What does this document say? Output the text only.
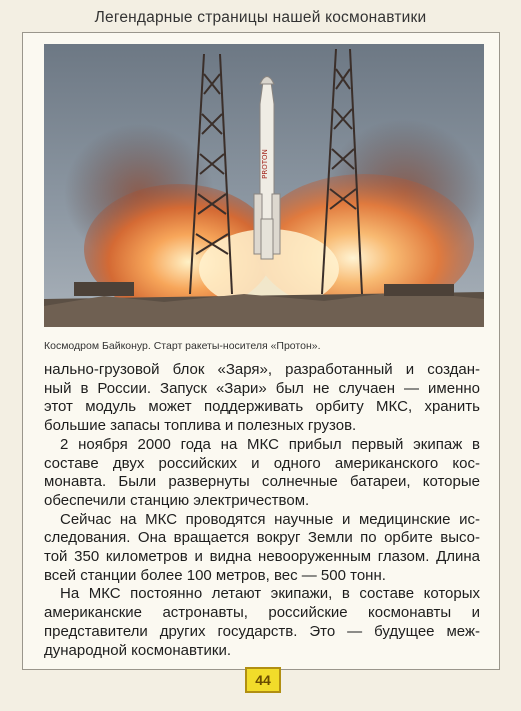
Легендарные страницы нашей космонавтики
PROTON
Космодром Байконур. Старт ракеты-носителя «Протон».
нально-грузовой блок «Заря», разработанный и создан-
ный в России. Запуск «Зари» был не случаен — именно
этот модуль может поддерживать орбиту МКС, хранить
большие запасы топлива и полезных грузов.
2 ноября 2000 года на МКС прибыл первый экипаж в
составе двух российских и одного американского кос-
монавта. Были развернуты солнечные батареи, которые
обеспечили станцию электричеством.
Сейчас на МКС проводятся научные и медицинские ис-
следования. Она вращается вокруг Земли по орбите высо-
той 350 километров и видна невооруженным глазом. Длина
всей станции более 100 метров, вес — 500 тонн.
На МКС постоянно летают экипажи, в составе которых
американские астронавты, российские космонавты и
представители других государств. Это — будущее меж-
дународной космонавтики.
44
